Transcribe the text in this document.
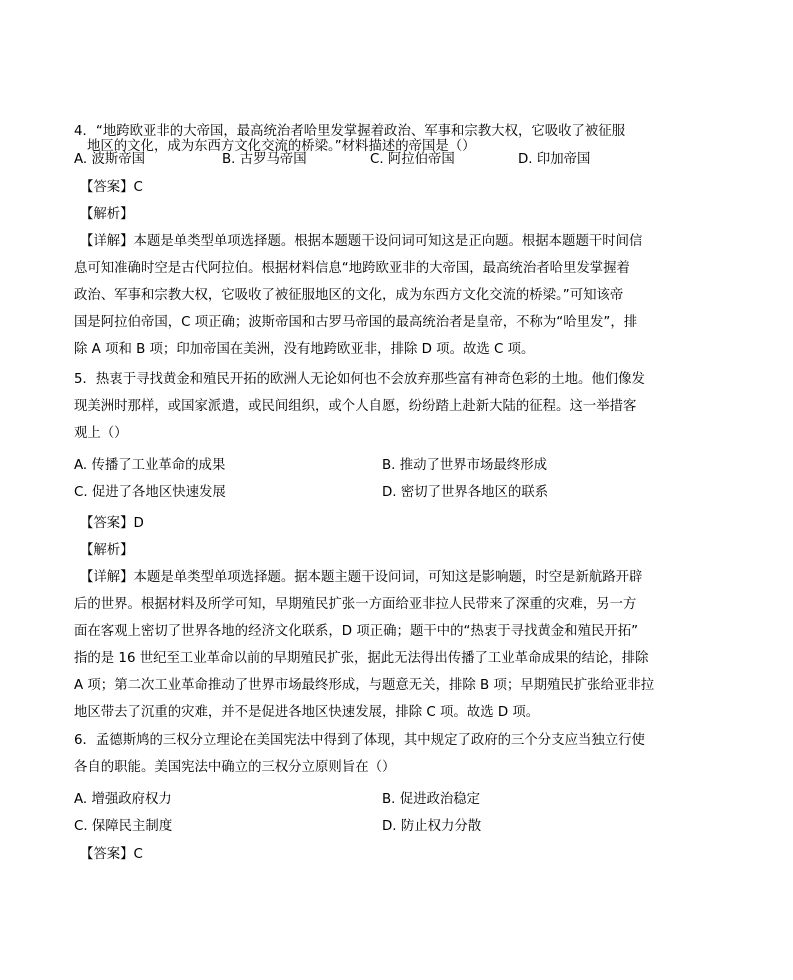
4．“地跨欧亚非的大帝国，最高统治者哈里发掌握着政治、军事和宗教大权，它吸收了被征服
地区的文化，成为东西方文化交流的桥梁。”材料描述的帝国是（）
A. 波斯帝国	B. 古罗马帝国	C. 阿拉伯帝国	D. 印加帝国
【答案】C
【解析】
【详解】本题是单类型单项选择题。根据本题题干设问词可知这是正向题。根据本题题干时间信
息可知准确时空是古代阿拉伯。根据材料信息“地跨欧亚非的大帝国，最高统治者哈里发掌握着
政治、军事和宗教大权，它吸收了被征服地区的文化，成为东西方文化交流的桥梁。”可知该帝
国是阿拉伯帝国，C 项正确；波斯帝国和古罗马帝国的最高统治者是皇帝，不称为“哈里发”，排
除 A 项和 B 项；印加帝国在美洲，没有地跨欧亚非，排除 D 项。故选 C 项。
5．热衷于寻找黄金和殖民开拓的欧洲人无论如何也不会放弃那些富有神奇色彩的土地。他们像发
现美洲时那样，或国家派遣，或民间组织，或个人自愿，纷纷踏上赴新大陆的征程。这一举措客
观上（）
A. 传播了工业革命的成果	B. 推动了世界市场最终形成
C. 促进了各地区快速发展	D. 密切了世界各地区的联系
【答案】D
【解析】
【详解】本题是单类型单项选择题。据本题主题干设问词，可知这是影响题，时空是新航路开辟
后的世界。根据材料及所学可知，早期殖民扩张一方面给亚非拉人民带来了深重的灾难，另一方
面在客观上密切了世界各地的经济文化联系，D 项正确；题干中的“热衷于寻找黄金和殖民开拓”
指的是 16 世纪至工业革命以前的早期殖民扩张，据此无法得出传播了工业革命成果的结论，排除
A 项；第二次工业革命推动了世界市场最终形成，与题意无关，排除 B 项；早期殖民扩张给亚非拉
地区带去了沉重的灾难，并不是促进各地区快速发展，排除 C 项。故选 D 项。
6．孟德斯鸠的三权分立理论在美国宪法中得到了体现，其中规定了政府的三个分支应当独立行使
各自的职能。美国宪法中确立的三权分立原则旨在（）
A. 增强政府权力	B. 促进政治稳定
C. 保障民主制度	D. 防止权力分散
【答案】C
